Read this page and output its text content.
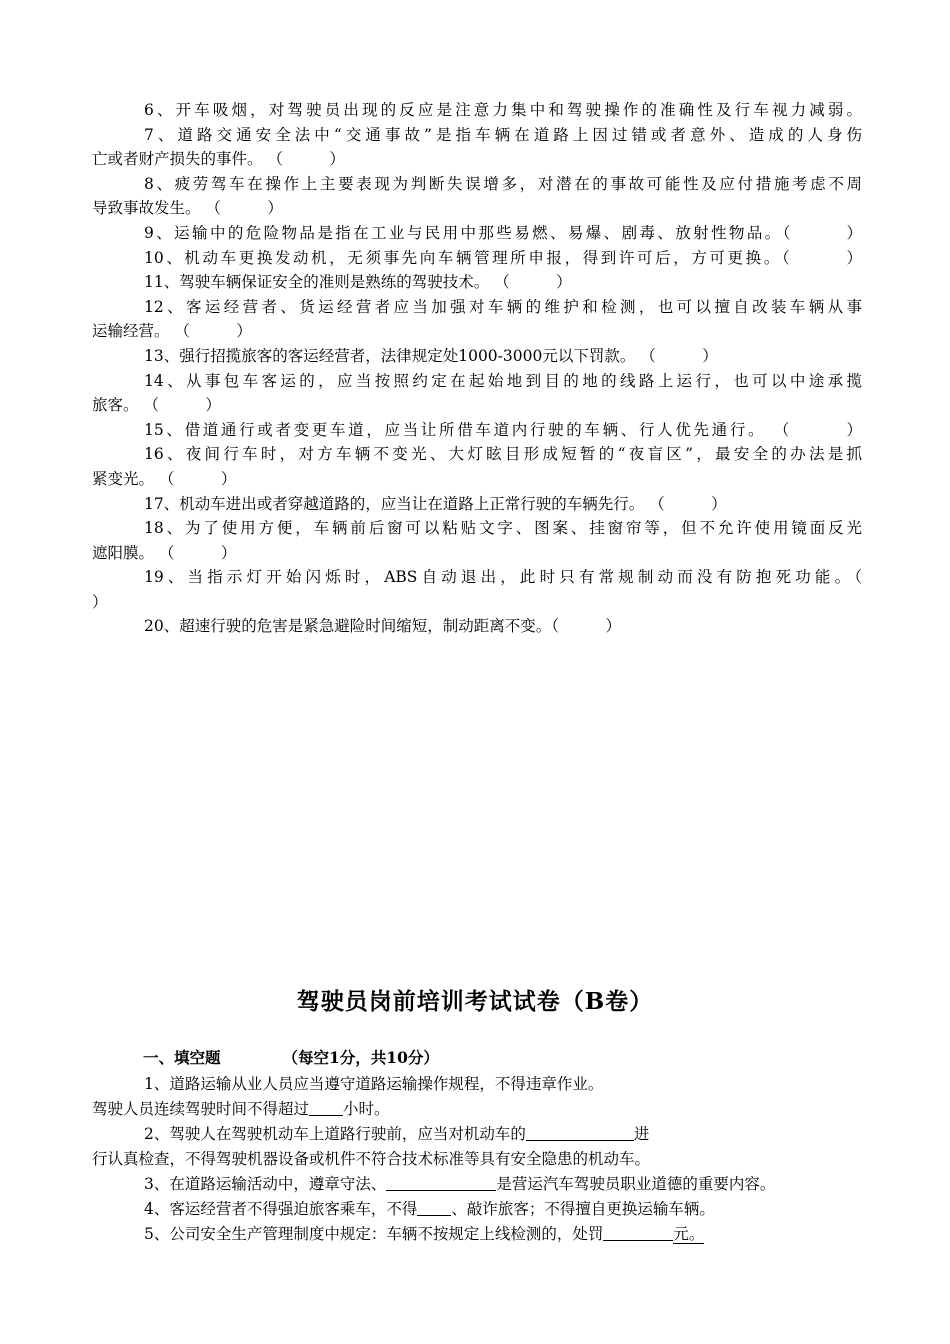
6、开车吸烟，对驾驶员出现的反应是注意力集中和驾驶操作的准确性及行车视力减弱。
7、道路交通安全法中“交通事故”是指车辆在道路上因过错或者意外、造成的人身伤
亡或者财产损失的事件。 （　　　）
8、疲劳驾车在操作上主要表现为判断失误增多，对潜在的事故可能性及应付措施考虑不周
导致事故发生。 （　　　）
9、运输中的危险物品是指在工业与民用中那些易燃、易爆、剧毒、放射性物品。（　　　）
10、机动车更换发动机，无须事先向车辆管理所申报，得到许可后，方可更换。（　　　）
11、驾驶车辆保证安全的准则是熟练的驾驶技术。 （　　　）
12、客运经营者、货运经营者应当加强对车辆的维护和检测，也可以擅自改装车辆从事
运输经营。 （　　　）
13、强行招揽旅客的客运经营者，法律规定处1000-3000元以下罚款。 （　　　）
14、从事包车客运的，应当按照约定在起始地到目的地的线路上运行，也可以中途承揽
旅客。 （　　　）
15、借道通行或者变更车道，应当让所借车道内行驶的车辆、行人优先通行。 （　　　）
16、夜间行车时，对方车辆不变光、大灯眩目形成短暂的“夜盲区”，最安全的办法是抓
紧变光。 （　　　）
17、机动车进出或者穿越道路的，应当让在道路上正常行驶的车辆先行。 （　　　）
18、为了使用方便，车辆前后窗可以粘贴文字、图案、挂窗帘等，但不允许使用镜面反光
遮阳膜。 （　　　）
19、当指示灯开始闪烁时，ABS自动退出，此时只有常规制动而没有防抱死功能。（
）
20、超速行驶的危害是紧急避险时间缩短，制动距离不变。（　　　）
驾驶员岗前培训考试试卷（B卷）
一、填空题	（每空1分，共10分）
1、道路运输从业人员应当遵守道路运输操作规程，不得违章作业。
驾驶人员连续驾驶时间不得超过 小时。
2、驾驶人在驾驶机动车上道路行驶前，应当对机动车的	进
行认真检查，不得驾驶机器设备或机件不符合技术标准等具有安全隐患的机动车。
3、在道路运输活动中，遵章守法、	是营运汽车驾驶员职业道德的重要内容。
4、客运经营者不得强迫旅客乘车，不得 、敲诈旅客；不得擅自更换运输车辆。
5、公司安全生产管理制度中规定：车辆不按规定上线检测的，处罚	元。
